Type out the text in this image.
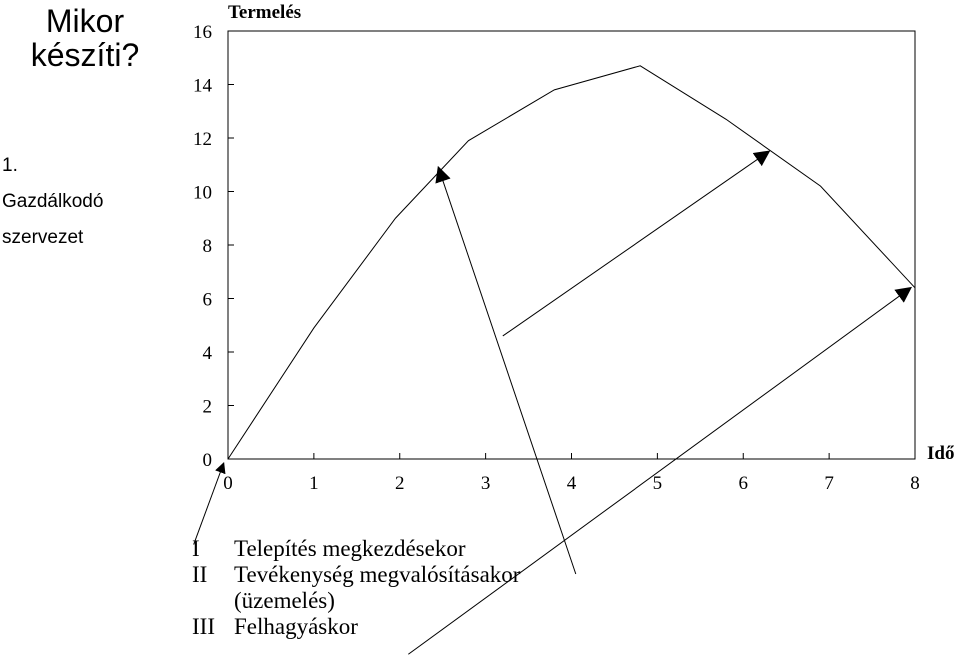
Mikor
készíti?
1.
Gazdálkodó
szervezet
Termelés
Idő
0
2
4
6
8
10
12
14
16
0	1	2	3	4	5	6	7	8
I Telepítés megkezdésekor
II Tevékenység megvalósításakor
(üzemelés)
III Felhagyáskor
